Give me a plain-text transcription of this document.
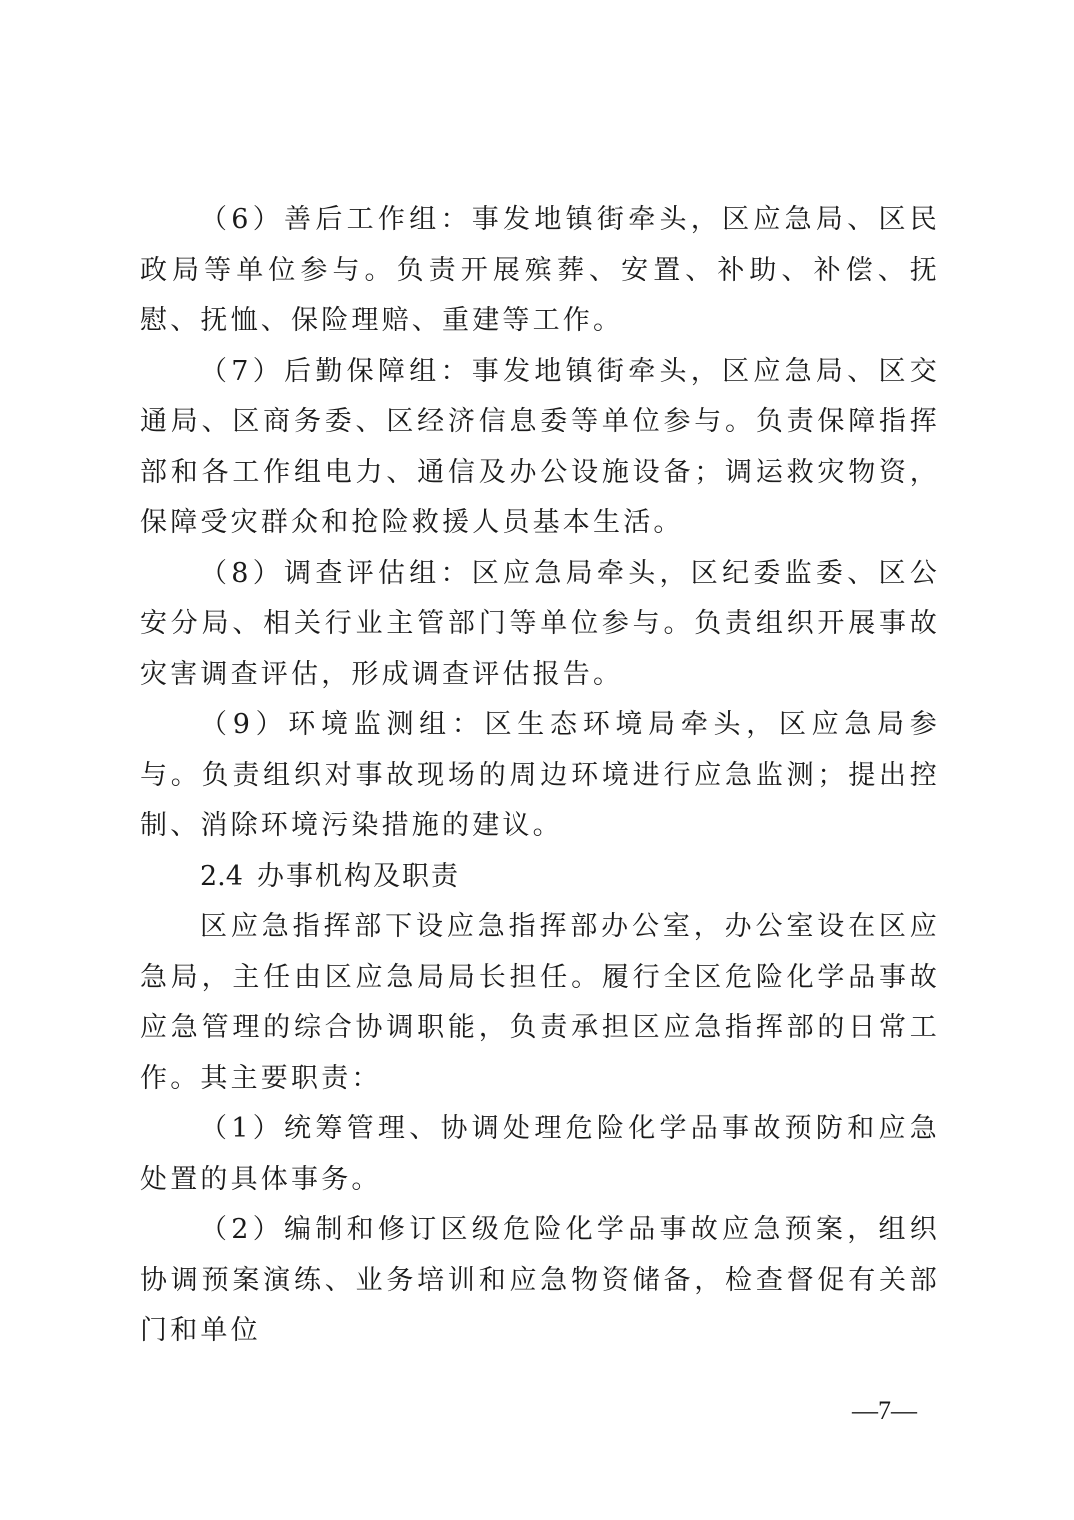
（6）善后工作组：事发地镇街牵头，区应急局、区民政局等单位参与。负责开展殡葬、安置、补助、补偿、抚慰、抚恤、保险理赔、重建等工作。

（7）后勤保障组：事发地镇街牵头，区应急局、区交通局、区商务委、区经济信息委等单位参与。负责保障指挥部和各工作组电力、通信及办公设施设备；调运救灾物资，保障受灾群众和抢险救援人员基本生活。

（8）调查评估组：区应急局牵头，区纪委监委、区公安分局、相关行业主管部门等单位参与。负责组织开展事故灾害调查评估，形成调查评估报告。

（9）环境监测组：区生态环境局牵头，区应急局参与。负责组织对事故现场的周边环境进行应急监测；提出控制、消除环境污染措施的建议。

2.4 办事机构及职责

区应急指挥部下设应急指挥部办公室，办公室设在区应急局，主任由区应急局局长担任。履行全区危险化学品事故应急管理的综合协调职能，负责承担区应急指挥部的日常工作。其主要职责：

（1）统筹管理、协调处理危险化学品事故预防和应急处置的具体事务。

（2）编制和修订区级危险化学品事故应急预案，组织协调预案演练、业务培训和应急物资储备，检查督促有关部门和单位

—7—
